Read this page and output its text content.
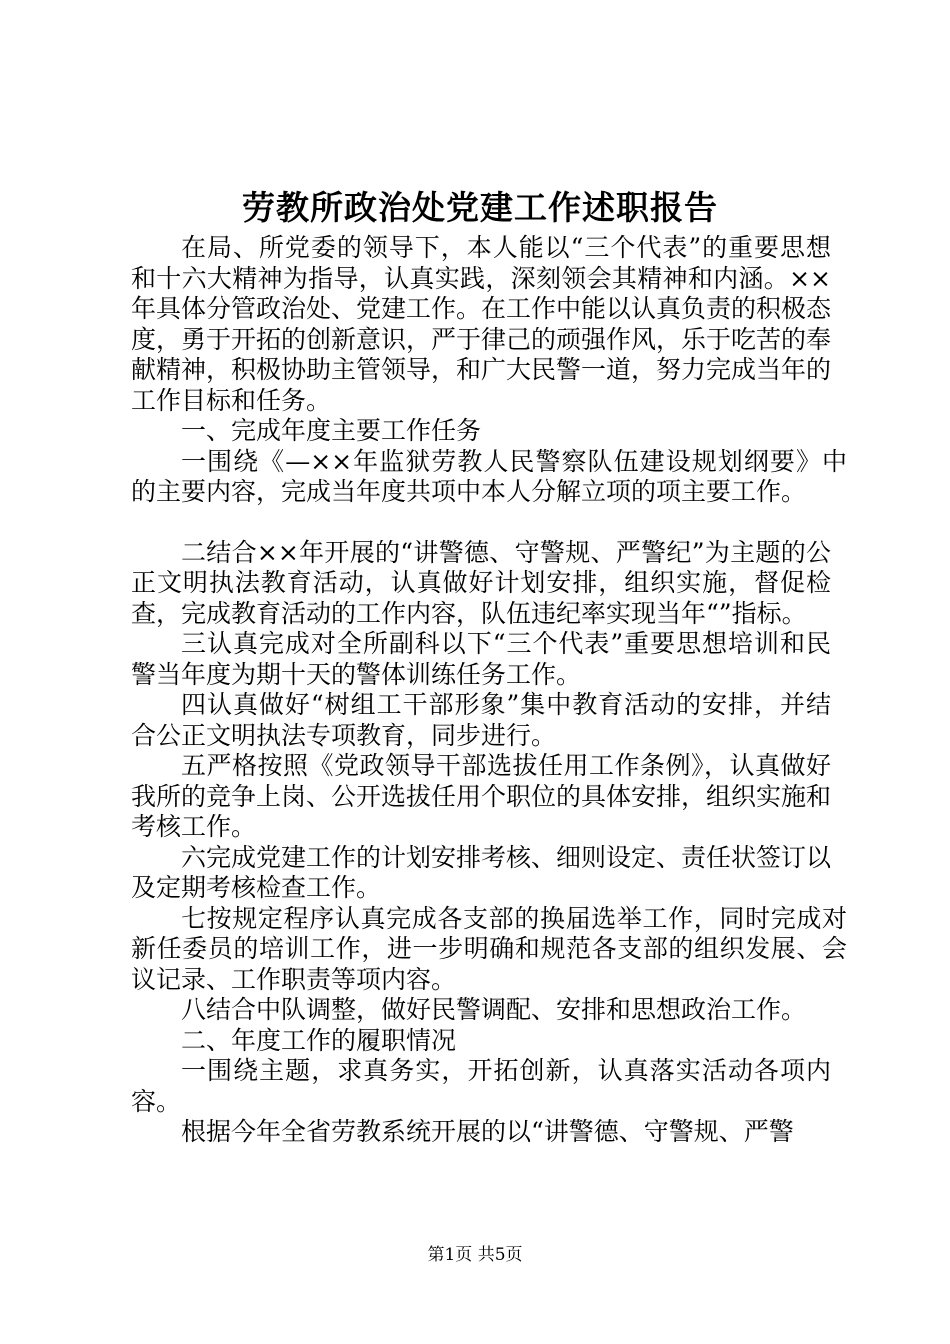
劳教所政治处党建工作述职报告

在局、所党委的领导下，本人能以“三个代表”的重要思想和十六大精神为指导，认真实践，深刻领会其精神和内涵。××年具体分管政治处、党建工作。在工作中能以认真负责的积极态度，勇于开拓的创新意识，严于律己的顽强作风，乐于吃苦的奉献精神，积极协助主管领导，和广大民警一道，努力完成当年的工作目标和任务。

一、完成年度主要工作任务

一围绕《—××年监狱劳教人民警察队伍建设规划纲要》中的主要内容，完成当年度共项中本人分解立项的项主要工作。

二结合××年开展的“讲警德、守警规、严警纪”为主题的公正文明执法教育活动，认真做好计划安排，组织实施，督促检查，完成教育活动的工作内容，队伍违纪率实现当年“”指标。

三认真完成对全所副科以下“三个代表”重要思想培训和民警当年度为期十天的警体训练任务工作。

四认真做好“树组工干部形象”集中教育活动的安排，并结合公正文明执法专项教育，同步进行。

五严格按照《党政领导干部选拔任用工作条例》，认真做好我所的竞争上岗、公开选拔任用个职位的具体安排，组织实施和考核工作。

六完成党建工作的计划安排考核、细则设定、责任状签订以及定期考核检查工作。

七按规定程序认真完成各支部的换届选举工作，同时完成对新任委员的培训工作，进一步明确和规范各支部的组织发展、会议记录、工作职责等项内容。

八结合中队调整，做好民警调配、安排和思想政治工作。

二、年度工作的履职情况

一围绕主题，求真务实，开拓创新，认真落实活动各项内容。

根据今年全省劳教系统开展的以“讲警德、守警规、严警

第1页 共5页
